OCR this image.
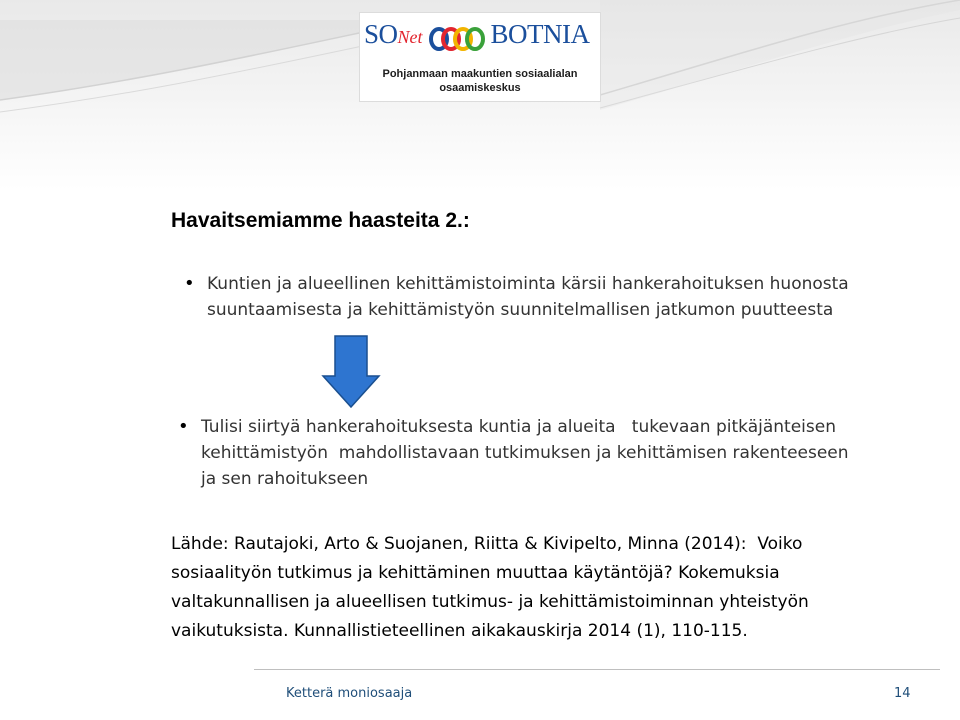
SONet	BOTNIA
Pohjanmaan maakuntien sosiaalialan
osaamiskeskus
Havaitsemiamme haasteita 2.:
• Kuntien ja alueellinen kehittämistoiminta kärsii hankerahoituksen huonosta
suuntaamisesta ja kehittämistyön suunnitelmallisen jatkumon puutteesta
• Tulisi siirtyä hankerahoituksesta kuntia ja alueita   tukevaan pitkäjänteisen
kehittämistyön  mahdollistavaan tutkimuksen ja kehittämisen rakenteeseen
ja sen rahoitukseen
Lähde: Rautajoki, Arto & Suojanen, Riitta & Kivipelto, Minna (2014):  Voiko
sosiaalityön tutkimus ja kehittäminen muuttaa käytäntöjä? Kokemuksia
valtakunnallisen ja alueellisen tutkimus- ja kehittämistoiminnan yhteistyön
vaikutuksista. Kunnallistieteellinen aikakauskirja 2014 (1), 110-115.
Ketterä moniosaaja	14
